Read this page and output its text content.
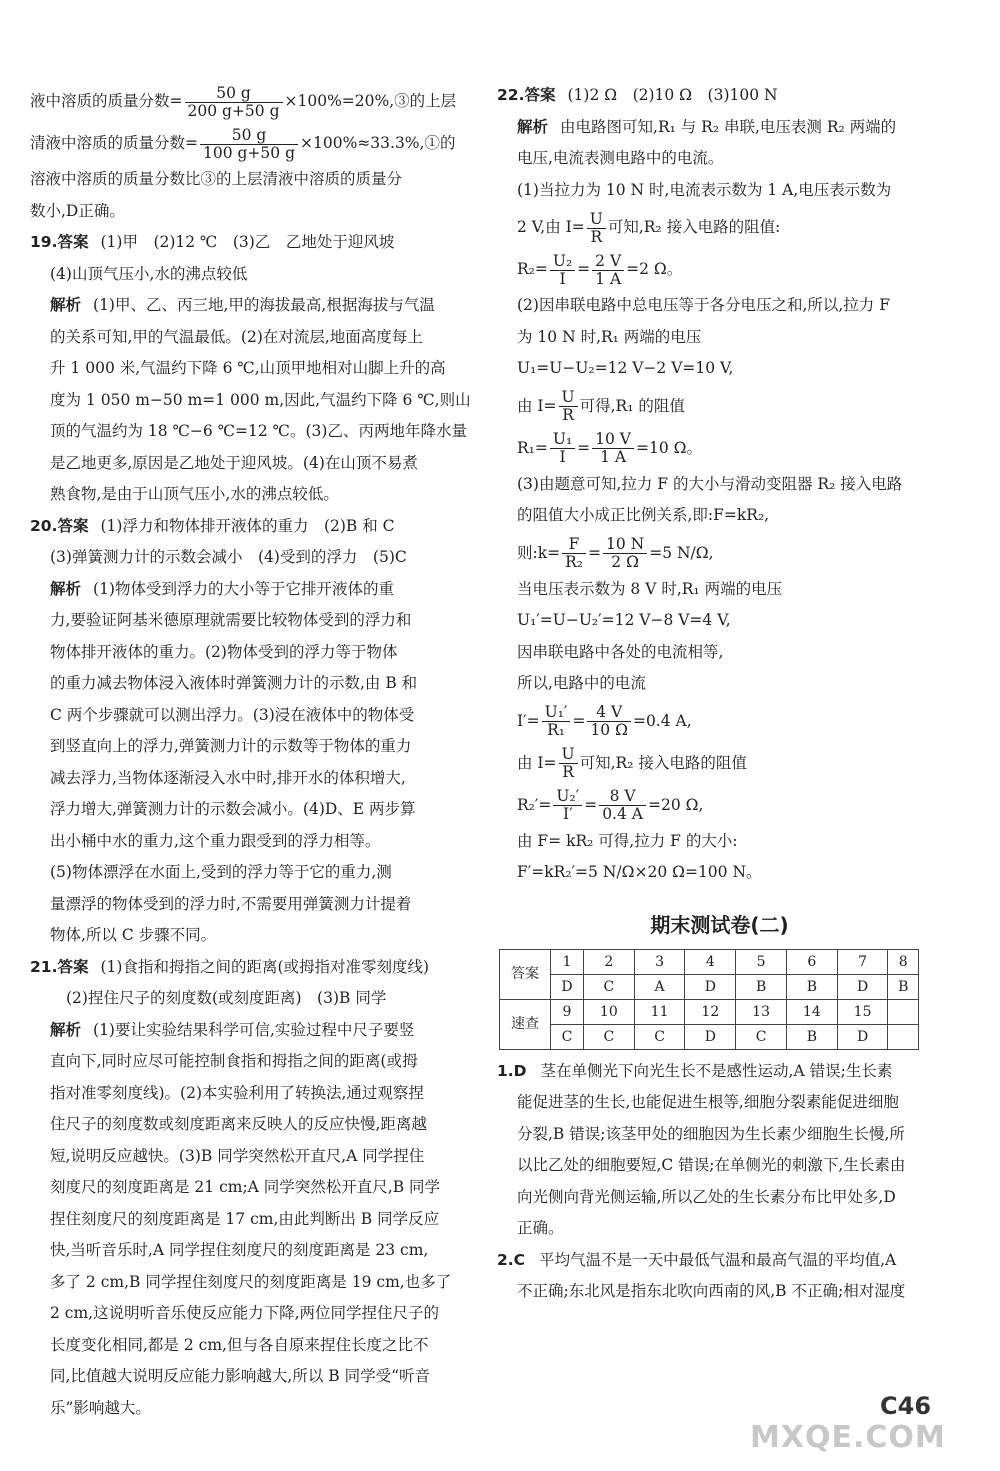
液中溶质的质量分数= $\frac{50 g}{200 g+50 g}$ ×100%=20%,③的上层
清液中溶质的质量分数= $\frac{50 g}{100 g+50 g}$ ×100%≈33.3%,①的
溶液中溶质的质量分数比③的上层清液中溶质的质量分
数小,D正确。
19.答案 (1)甲　(2)12 ℃　(3)乙　乙地处于迎风坡
(4)山顶气压小,水的沸点较低
解析 (1)甲、乙、丙三地,甲的海拔最高,根据海拔与气温
的关系可知,甲的气温最低。(2)在对流层,地面高度每上
升 1 000 米,气温约下降 6 ℃,山顶甲地相对山脚上升的高
度为 1 050 m−50 m=1 000 m,因此,气温约下降 6 ℃,则山
顶的气温约为 18 ℃−6 ℃=12 ℃。(3)乙、丙两地年降水量
是乙地更多,原因是乙地处于迎风坡。(4)在山顶不易煮
熟食物,是由于山顶气压小,水的沸点较低。
20.答案 (1)浮力和物体排开液体的重力　(2)B 和 C
(3)弹簧测力计的示数会减小　(4)受到的浮力　(5)C
解析 (1)物体受到浮力的大小等于它排开液体的重
力,要验证阿基米德原理就需要比较物体受到的浮力和
物体排开液体的重力。(2)物体受到的浮力等于物体
的重力减去物体浸入液体时弹簧测力计的示数,由 B 和
C 两个步骤就可以测出浮力。(3)浸在液体中的物体受
到竖直向上的浮力,弹簧测力计的示数等于物体的重力
减去浮力,当物体逐渐浸入水中时,排开水的体积增大,
浮力增大,弹簧测力计的示数会减小。(4)D、E 两步算
出小桶中水的重力,这个重力跟受到的浮力相等。
(5)物体漂浮在水面上,受到的浮力等于它的重力,测
量漂浮的物体受到的浮力时,不需要用弹簧测力计提着
物体,所以 C 步骤不同。
21.答案 (1)食指和拇指之间的距离(或拇指对准零刻度线)
(2)捏住尺子的刻度数(或刻度距离)　(3)B 同学
解析 (1)要让实验结果科学可信,实验过程中尺子要竖
直向下,同时应尽可能控制食指和拇指之间的距离(或拇
指对准零刻度线)。(2)本实验利用了转换法,通过观察捏
住尺子的刻度数或刻度距离来反映人的反应快慢,距离越
短,说明反应越快。(3)B 同学突然松开直尺,A 同学捏住
刻度尺的刻度距离是 21 cm;A 同学突然松开直尺,B 同学
捏住刻度尺的刻度距离是 17 cm,由此判断出 B 同学反应
快,当听音乐时,A 同学捏住刻度尺的刻度距离是 23 cm,
多了 2 cm,B 同学捏住刻度尺的刻度距离是 19 cm,也多了
2 cm,这说明听音乐使反应能力下降,两位同学捏住尺子的
长度变化相同,都是 2 cm,但与各自原来捏住长度之比不
同,比值越大说明反应能力影响越大,所以 B 同学受“听音
乐”影响越大。
22.答案 (1)2 Ω　(2)10 Ω　(3)100 N
解析 由电路图可知,R₁ 与 R₂ 串联,电压表测 R₂ 两端的
电压,电流表测电路中的电流。
(1)当拉力为 10 N 时,电流表示数为 1 A,电压表示数为
2 V,由 $I= \frac{U}{R}$ 可知,R₂ 接入电路的阻值:
$R_2= \frac{\text{U₂}}{I} = \frac{2 V}{1 A} =2$ Ω。
(2)因串联电路中总电压等于各分电压之和,所以,拉力 F
为 10 N 时,R₁ 两端的电压
U₁=U−U₂=12 V−2 V=10 V,
由 $I= \frac{U}{R}$ 可得,R₁ 的阻值
$R_1= \frac{\text{U₁}}{I} = \frac{10 V}{1 A} =10$ Ω。
(3)由题意可知,拉力 F 的大小与滑动变阻器 R₂ 接入电路
的阻值大小成正比例关系,即:F=kR₂,
则:k= $\frac{F}{\text{R₂}} = \frac{10 N}{2 \Omega} =5$ N/Ω,
当电压表示数为 8 V 时,R₁ 两端的电压
U₁′=U−U₂′=12 V−8 V=4 V,
因串联电路中各处的电流相等,
所以,电路中的电流
$I'= \frac{\text{U₁′}}{\text{R₁}} = \frac{4 V}{10 \Omega} =0.4$ A,
由 $I= \frac{U}{R}$ 可知,R₂ 接入电路的阻值
$R_2'= \frac{\text{U₂′}}{I'} = \frac{8 V}{0.4 A} =20$ Ω,
由 F= kR₂ 可得,拉力 F 的大小:
F′=kR₂′=5 N/Ω×20 Ω=100 N。
期末测试卷(二)
答案	1	2	3	4	5	6	7	8
	D	C	A	D	B	B	D	B
速查	9	10	11	12	13	14	15	
	C	C	C	D	C	B	D	
1.D 茎在单侧光下向光生长不是感性运动,A 错误;生长素
能促进茎的生长,也能促进生根等,细胞分裂素能促进细胞
分裂,B 错误;该茎甲处的细胞因为生长素少细胞生长慢,所
以比乙处的细胞要短,C 错误;在单侧光的刺激下,生长素由
向光侧向背光侧运输,所以乙处的生长素分布比甲处多,D
正确。
2.C 平均气温不是一天中最低气温和最高气温的平均值,A
不正确;东北风是指东北吹向西南的风,B 不正确;相对湿度
C46
MXQE.COM
